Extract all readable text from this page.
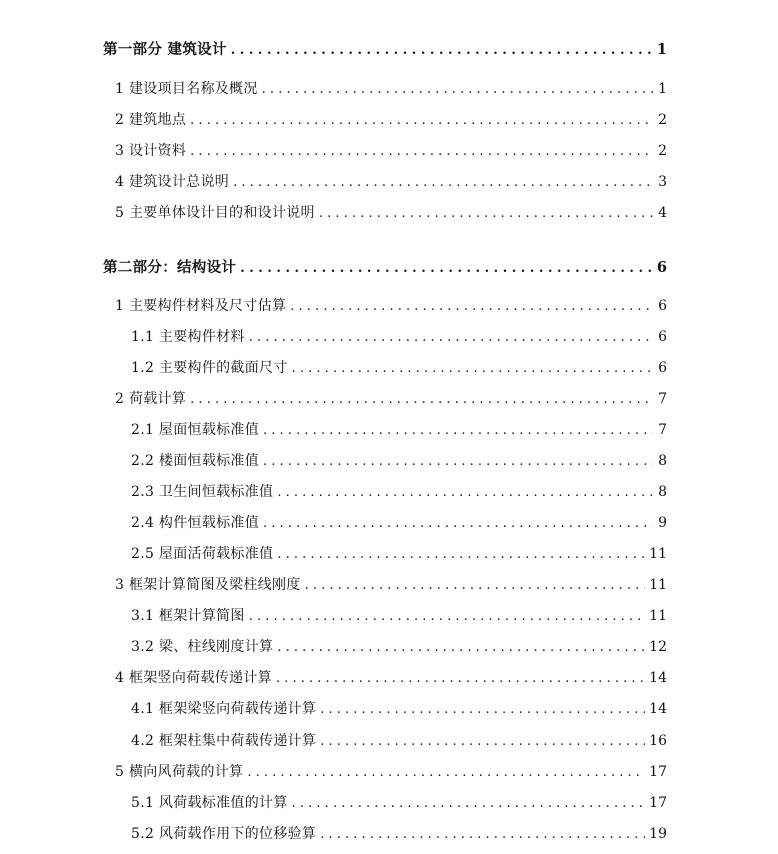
第一部分 建筑设计 . . .	1
1 建设项目名称及概况 . . .	1
2 建筑地点 . . .	2
3 设计资料 . . .	2
4 建筑设计总说明 . . .	3
5 主要单体设计目的和设计说明 . . .	4
第二部分：结构设计 . . .	6
1 主要构件材料及尺寸估算 . . .	6
1.1 主要构件材料 . . .	6
1.2 主要构件的截面尺寸 . . .	6
2 荷载计算 . . .	7
2.1 屋面恒载标准值 . . .	7
2.2 楼面恒载标准值 . . .	8
2.3 卫生间恒载标准值 . . .	8
2.4 构件恒载标准值 . . .	9
2.5 屋面活荷载标准值 . . .	11
3 框架计算简图及梁柱线刚度 . . .	11
3.1 框架计算简图 . . .	11
3.2 梁、柱线刚度计算 . . .	12
4 框架竖向荷载传递计算 . . .	14
4.1 框架梁竖向荷载传递计算 . . .	14
4.2 框架柱集中荷载传递计算 . . .	16
5 横向风荷载的计算 . . .	17
5.1 风荷载标准值的计算 . . .	17
5.2 风荷载作用下的位移验算 . . .	19
